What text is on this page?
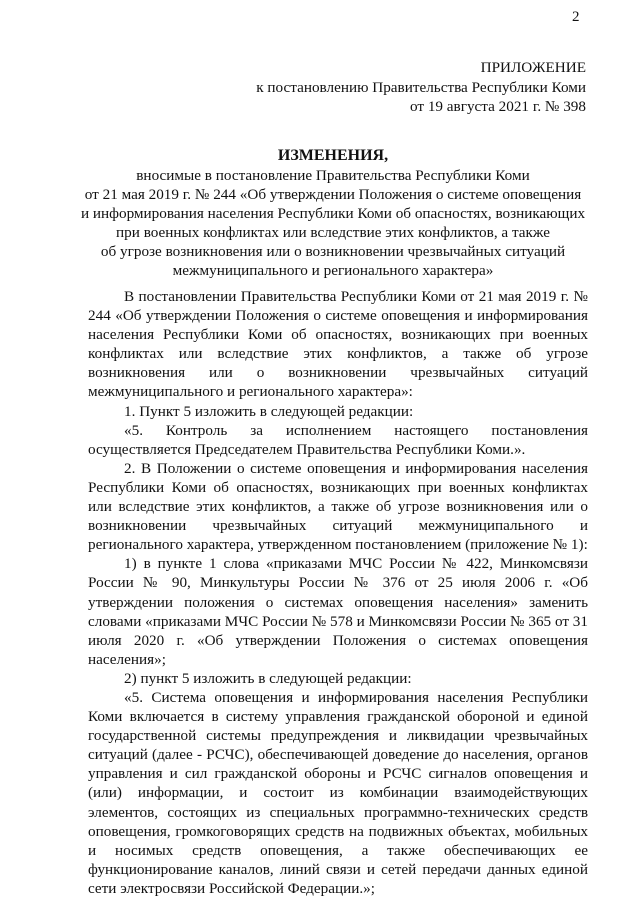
2
ПРИЛОЖЕНИЕ
к постановлению Правительства Республики Коми
от 19 августа 2021 г. № 398
ИЗМЕНЕНИЯ,
вносимые в постановление Правительства Республики Коми
от 21 мая 2019 г. № 244 «Об утверждении Положения о системе оповещения
и информирования населения Республики Коми об опасностях, возникающих
при военных конфликтах или вследствие этих конфликтов, а также
об угрозе возникновения или о возникновении чрезвычайных ситуаций
межмуниципального и регионального характера»

В постановлении Правительства Республики Коми от 21 мая 2019 г. № 244 «Об утверждении Положения о системе оповещения и информирования населения Республики Коми об опасностях, возникающих при военных конфликтах или вследствие этих конфликтов, а также об угрозе возникновения или о возникновении чрезвычайных ситуаций межмуниципального и регионального характера»:

1. Пункт 5 изложить в следующей редакции:

«5. Контроль за исполнением настоящего постановления осуществляется Председателем Правительства Республики Коми.».

2. В Положении о системе оповещения и информирования населения Республики Коми об опасностях, возникающих при военных конфликтах или вследствие этих конфликтов, а также об угрозе возникновения или о возникновении чрезвычайных ситуаций межмуниципального и регионального характера, утвержденном постановлением (приложение № 1):

1) в пункте 1 слова «приказами МЧС России № 422, Минкомсвязи России № 90, Минкультуры России № 376 от 25 июля 2006 г. «Об утверждении положения о системах оповещения населения» заменить словами «приказами МЧС России № 578 и Минкомсвязи России № 365 от 31 июля 2020 г. «Об утверждении Положения о системах оповещения населения»;

2) пункт 5 изложить в следующей редакции:

«5. Система оповещения и информирования населения Республики Коми включается в систему управления гражданской обороной и единой государственной системы предупреждения и ликвидации чрезвычайных ситуаций (далее - РСЧС), обеспечивающей доведение до населения, органов управления и сил гражданской обороны и РСЧС сигналов оповещения и (или) информации, и состоит из комбинации взаимодействующих элементов, состоящих из специальных программно-технических средств оповещения, громкоговорящих средств на подвижных объектах, мобильных и носимых средств оповещения, а также обеспечивающих ее функционирование каналов, линий связи и сетей передачи данных единой сети электросвязи Российской Федерации.»;
